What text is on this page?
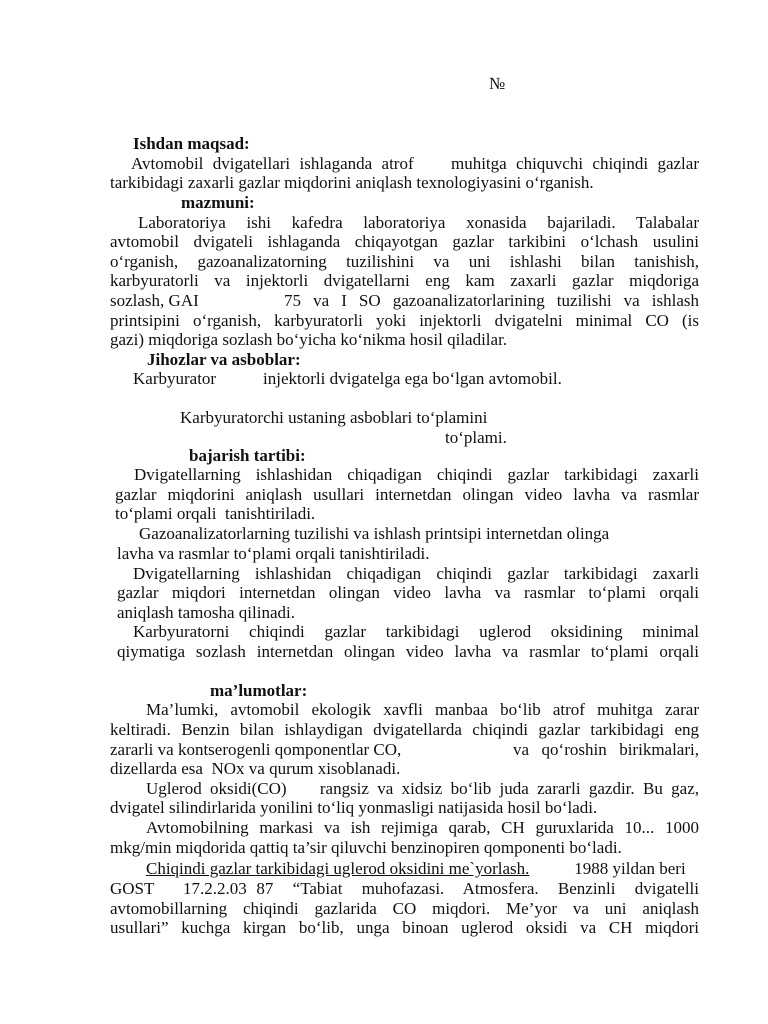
№
Ishdan maqsad:
Avtomobil dvigatellari ishlaganda atrof    muhitga chiquvchi chiqindi gazlar
tarkibidagi zaxarli gazlar miqdorini aniqlash texnologiyasini o‘rganish.
mazmuni:
Laboratoriya ishi kafedra laboratoriya xonasida bajariladi. Talabalar
avtomobil dvigateli ishlaganda chiqayotgan gazlar tarkibini o‘lchash usulini
o‘rganish, gazoanalizatorning tuzilishini va uni ishlashi bilan tanishish,
karbyuratorli va injektorli dvigatellarni eng kam zaxarli gazlar miqdoriga
sozlash, GAI	75 va I SO gazoanalizatorlarining tuzilishi va ishlash
printsipini o‘rganish, karbyuratorli yoki injektorli dvigatelni minimal CO (is
gazi) miqdoriga sozlash bo‘yicha ko‘nikma hosil qiladilar.
Jihozlar va asboblar:
Karbyurator	injektorli dvigatelga ega bo‘lgan avtomobil.
Karbyuratorchi ustaning asboblari to‘plamini
to‘plami.
bajarish tartibi:
Dvigatellarning ishlashidan chiqadigan chiqindi gazlar tarkibidagi zaxarli
gazlar miqdorini aniqlash usullari internetdan olingan video lavha va rasmlar
to‘plami orqali  tanishtiriladi.
Gazoanalizatorlarning tuzilishi va ishlash printsipi internetdan olinga
lavha va rasmlar to‘plami orqali tanishtiriladi.
Dvigatellarning ishlashidan chiqadigan chiqindi gazlar tarkibidagi zaxarli
gazlar miqdori internetdan olingan video lavha va rasmlar to‘plami orqali
aniqlash tamosha qilinadi.
Karbyuratorni chiqindi gazlar tarkibidagi uglerod oksidining minimal
qiymatiga sozlash internetdan olingan video lavha va rasmlar to‘plami orqali
ma’lumotlar:
Ma’lumki, avtomobil ekologik xavfli manbaa bo‘lib atrof muhitga zarar
keltiradi. Benzin bilan ishlaydigan dvigatellarda chiqindi gazlar tarkibidagi eng
zararli va kontserogenli qomponentlar CO,	va qo‘roshin birikmalari,
dizellarda esa  NOx va qurum xisoblanadi.
Uglerod oksidi(CO)    rangsiz va xidsiz bo‘lib juda zararli gazdir. Bu gaz,
dvigatel silindirlarida yonilini to‘liq yonmasligi natijasida hosil bo‘ladi.
Avtomobilning markasi va ish rejimiga qarab, CH guruxlarida 10... 1000
mkg/min miqdorida qattiq ta’sir qiluvchi benzinopiren qomponenti bo‘ladi.
Chiqindi gazlar tarkibidagi uglerod oksidini me`yorlash. 1988 yildan beri
GOST   17.2.2.03 87  “Tabiat  muhofazasi.  Atmosfera.  Benzinli  dvigatelli
avtomobillarning  chiqindi  gazlarida  CO  miqdori.  Me’yor  va  uni  aniqlash
usullari”  kuchga  kirgan  bo‘lib,  unga  binoan  uglerod  oksidi  va  CH  miqdori
